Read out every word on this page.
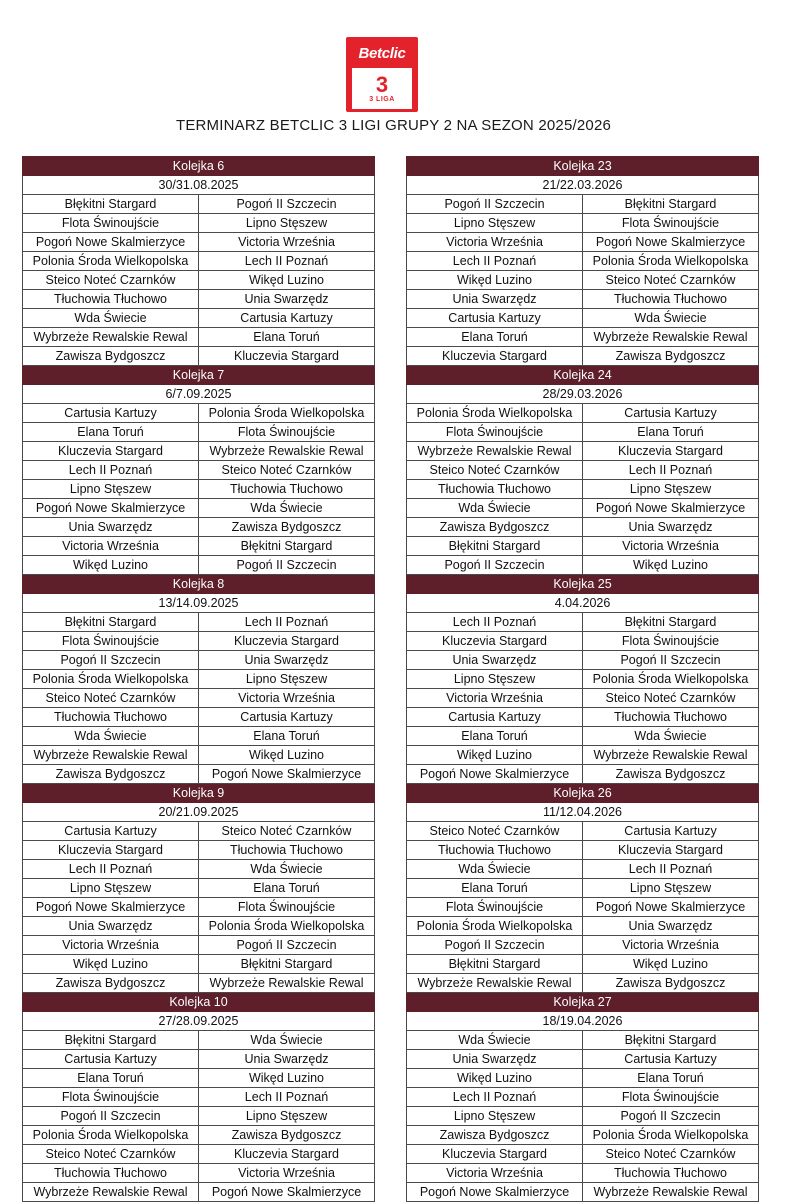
Betclic
3
3 LIGA
TERMINARZ BETCLIC 3 LIGI GRUPY 2 NA SEZON 2025/2026
Kolejka 6	
30/31.08.2025	
Błękitni Stargard	Pogoń II Szczecin
Flota Świnoujście	Lipno Stęszew
Pogoń Nowe Skalmierzyce	Victoria Września
Polonia Środa Wielkopolska	Lech II Poznań
Steico Noteć Czarnków	Wikęd Luzino
Tłuchowia Tłuchowo	Unia Swarzędz
Wda Świecie	Cartusia Kartuzy
Wybrzeże Rewalskie Rewal	Elana Toruń
Zawisza Bydgoszcz	Kluczevia Stargard
Kolejka 7	
6/7.09.2025	
Cartusia Kartuzy	Polonia Środa Wielkopolska
Elana Toruń	Flota Świnoujście
Kluczevia Stargard	Wybrzeże Rewalskie Rewal
Lech II Poznań	Steico Noteć Czarnków
Lipno Stęszew	Tłuchowia Tłuchowo
Pogoń Nowe Skalmierzyce	Wda Świecie
Unia Swarzędz	Zawisza Bydgoszcz
Victoria Września	Błękitni Stargard
Wikęd Luzino	Pogoń II Szczecin
Kolejka 8	
13/14.09.2025	
Błękitni Stargard	Lech II Poznań
Flota Świnoujście	Kluczevia Stargard
Pogoń II Szczecin	Unia Swarzędz
Polonia Środa Wielkopolska	Lipno Stęszew
Steico Noteć Czarnków	Victoria Września
Tłuchowia Tłuchowo	Cartusia Kartuzy
Wda Świecie	Elana Toruń
Wybrzeże Rewalskie Rewal	Wikęd Luzino
Zawisza Bydgoszcz	Pogoń Nowe Skalmierzyce
Kolejka 9	
20/21.09.2025	
Cartusia Kartuzy	Steico Noteć Czarnków
Kluczevia Stargard	Tłuchowia Tłuchowo
Lech II Poznań	Wda Świecie
Lipno Stęszew	Elana Toruń
Pogoń Nowe Skalmierzyce	Flota Świnoujście
Unia Swarzędz	Polonia Środa Wielkopolska
Victoria Września	Pogoń II Szczecin
Wikęd Luzino	Błękitni Stargard
Zawisza Bydgoszcz	Wybrzeże Rewalskie Rewal
Kolejka 10	
27/28.09.2025	
Błękitni Stargard	Wda Świecie
Cartusia Kartuzy	Unia Swarzędz
Elana Toruń	Wikęd Luzino
Flota Świnoujście	Lech II Poznań
Pogoń II Szczecin	Lipno Stęszew
Polonia Środa Wielkopolska	Zawisza Bydgoszcz
Steico Noteć Czarnków	Kluczevia Stargard
Tłuchowia Tłuchowo	Victoria Września
Wybrzeże Rewalskie Rewal	Pogoń Nowe Skalmierzyce
Kolejka 23	
21/22.03.2026	
Pogoń II Szczecin	Błękitni Stargard
Lipno Stęszew	Flota Świnoujście
Victoria Września	Pogoń Nowe Skalmierzyce
Lech II Poznań	Polonia Środa Wielkopolska
Wikęd Luzino	Steico Noteć Czarnków
Unia Swarzędz	Tłuchowia Tłuchowo
Cartusia Kartuzy	Wda Świecie
Elana Toruń	Wybrzeże Rewalskie Rewal
Kluczevia Stargard	Zawisza Bydgoszcz
Kolejka 24	
28/29.03.2026	
Polonia Środa Wielkopolska	Cartusia Kartuzy
Flota Świnoujście	Elana Toruń
Wybrzeże Rewalskie Rewal	Kluczevia Stargard
Steico Noteć Czarnków	Lech II Poznań
Tłuchowia Tłuchowo	Lipno Stęszew
Wda Świecie	Pogoń Nowe Skalmierzyce
Zawisza Bydgoszcz	Unia Swarzędz
Błękitni Stargard	Victoria Września
Pogoń II Szczecin	Wikęd Luzino
Kolejka 25	
4.04.2026	
Lech II Poznań	Błękitni Stargard
Kluczevia Stargard	Flota Świnoujście
Unia Swarzędz	Pogoń II Szczecin
Lipno Stęszew	Polonia Środa Wielkopolska
Victoria Września	Steico Noteć Czarnków
Cartusia Kartuzy	Tłuchowia Tłuchowo
Elana Toruń	Wda Świecie
Wikęd Luzino	Wybrzeże Rewalskie Rewal
Pogoń Nowe Skalmierzyce	Zawisza Bydgoszcz
Kolejka 26	
11/12.04.2026	
Steico Noteć Czarnków	Cartusia Kartuzy
Tłuchowia Tłuchowo	Kluczevia Stargard
Wda Świecie	Lech II Poznań
Elana Toruń	Lipno Stęszew
Flota Świnoujście	Pogoń Nowe Skalmierzyce
Polonia Środa Wielkopolska	Unia Swarzędz
Pogoń II Szczecin	Victoria Września
Błękitni Stargard	Wikęd Luzino
Wybrzeże Rewalskie Rewal	Zawisza Bydgoszcz
Kolejka 27	
18/19.04.2026	
Wda Świecie	Błękitni Stargard
Unia Swarzędz	Cartusia Kartuzy
Wikęd Luzino	Elana Toruń
Lech II Poznań	Flota Świnoujście
Lipno Stęszew	Pogoń II Szczecin
Zawisza Bydgoszcz	Polonia Środa Wielkopolska
Kluczevia Stargard	Steico Noteć Czarnków
Victoria Września	Tłuchowia Tłuchowo
Pogoń Nowe Skalmierzyce	Wybrzeże Rewalskie Rewal
